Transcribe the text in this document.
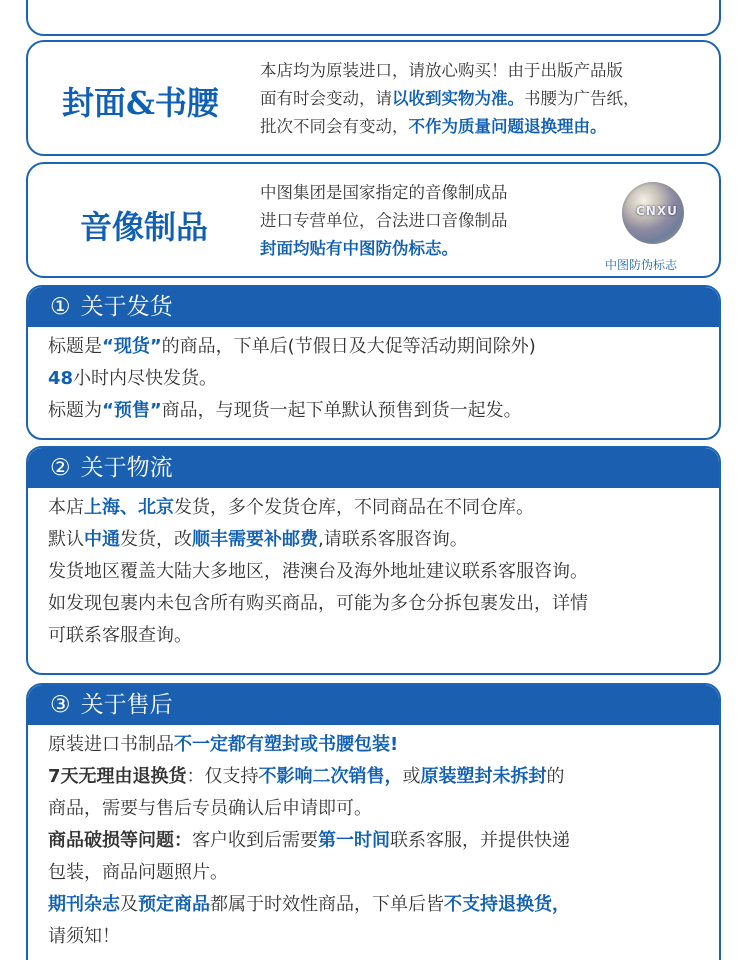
封面&书腰
本店均为原装进口，请放心购买！由于出版产品版
面有时会变动，请以收到实物为准。书腰为广告纸，
批次不同会有变动，不作为质量问题退换理由。
音像制品
中图集团是国家指定的音像制成品
进口专营单位，合法进口音像制品
封面均贴有中图防伪标志。
CNXU
中图防伪标志
① 关于发货
标题是“现货”的商品，下单后(节假日及大促等活动期间除外)
48小时内尽快发货。
标题为“预售”商品，与现货一起下单默认预售到货一起发。
② 关于物流
本店上海、北京发货，多个发货仓库，不同商品在不同仓库。
默认中通发货，改顺丰需要补邮费,请联系客服咨询。
发货地区覆盖大陆大多地区，港澳台及海外地址建议联系客服咨询。
如发现包裹内未包含所有购买商品，可能为多仓分拆包裹发出，详情
可联系客服查询。
③ 关于售后
原装进口书制品不一定都有塑封或书腰包装!
7天无理由退换货：仅支持不影响二次销售，或原装塑封未拆封的
商品，需要与售后专员确认后申请即可。
商品破损等问题：客户收到后需要第一时间联系客服，并提供快递
包装，商品问题照片。
期刊杂志及预定商品都属于时效性商品，下单后皆不支持退换货，
请须知！
